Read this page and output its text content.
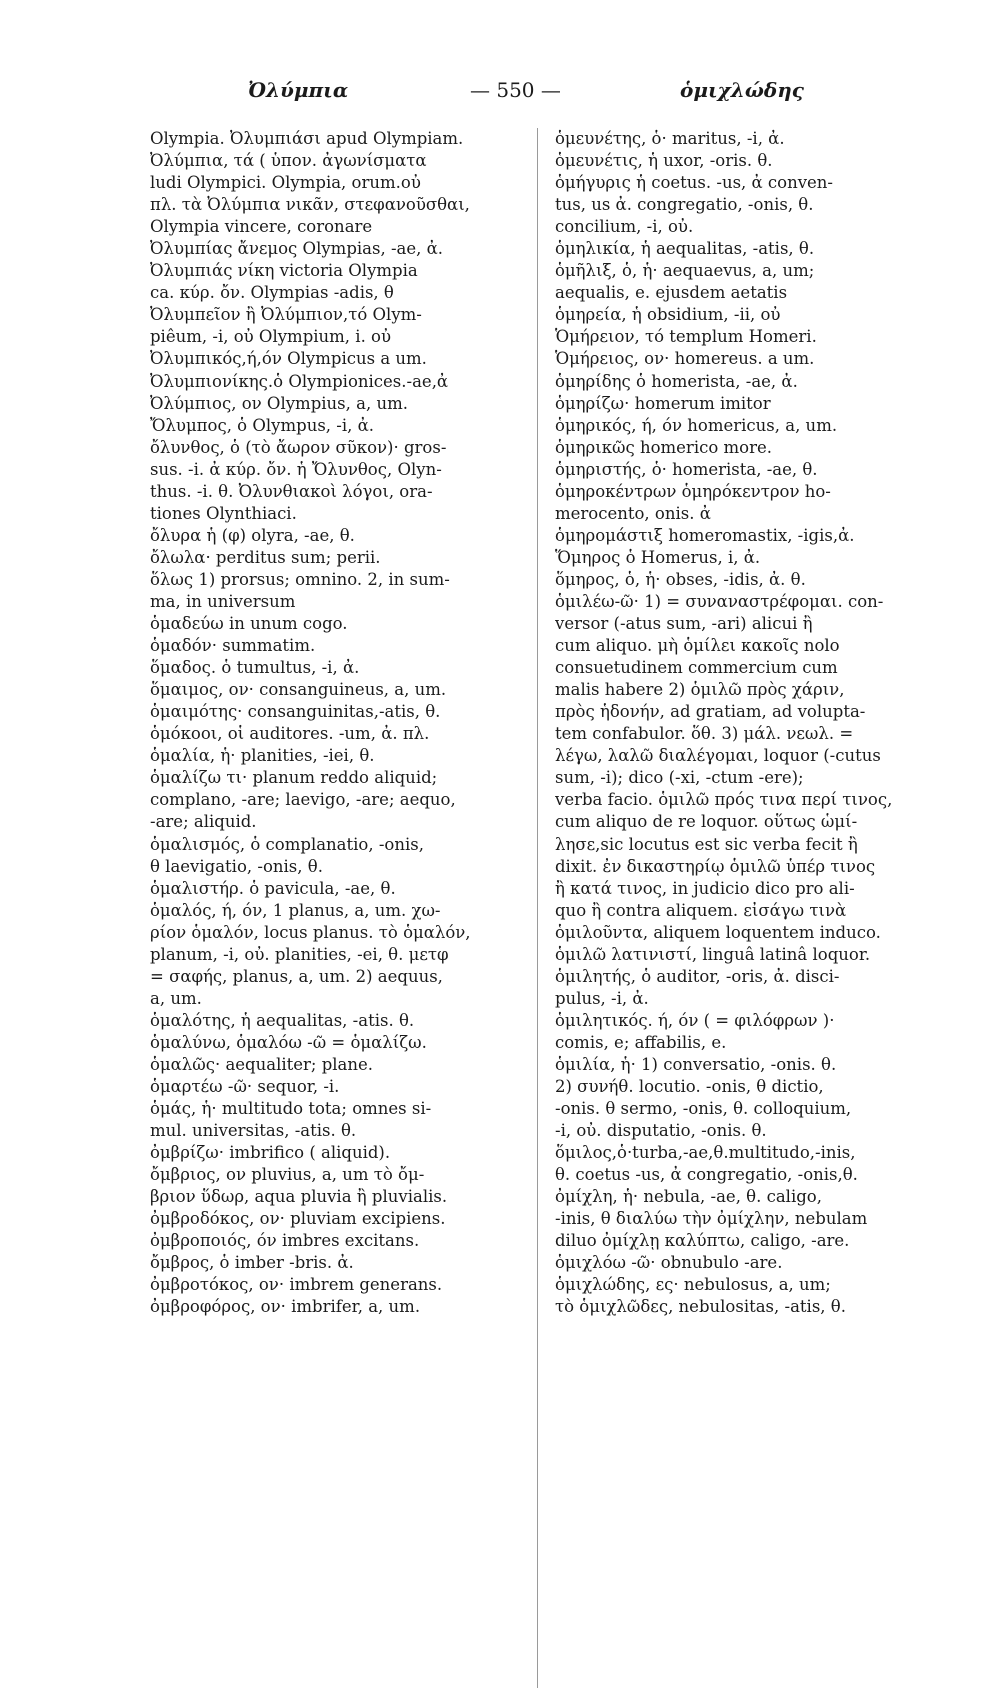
Ὀλύμπια	— 550 —	ὁμιχλώδης
Olympia. Ὀλυμπιάσι apud Olympiam.
Ὀλύμπια, τά ( ὑπον. ἀγωνίσματα
ludi Olympici. Olympia, orum.οὐ
πλ. τὰ Ὀλύμπια νικᾶν, στεφανοῦσθαι,
Olympia vincere, coronare
Ὀλυμπίας ἄνεμος Olympias, -ae, ἀ.
Ὀλυμπιάς νίκη victoria Olympia
ca. κύρ. ὄν. Olympias -adis, θ
Ὀλυμπεῖον ἢ Ὀλύμπιον,τό Olym-
piêum, -i, οὐ Olympium, i. οὐ
Ὀλυμπικός,ή,όν Olympicus a um.
Ὀλυμπιονίκης.ὁ Olympionices.-ae,ἀ
Ὀλύμπιος, ον Olympius, a, um.
Ὄλυμπος, ὁ Olympus, -i, ἀ.
ὄλυνθος, ὁ (τὸ ἄωρον σῦκον)· gros-
sus. -i. ἀ κύρ. ὄν. ἡ Ὄλυνθος, Olyn-
thus. -i. θ. Ὀλυνθιακοὶ λόγοι, ora-
tiones Olynthiaci.
ὄλυρα ἡ (φ) olyra, -ae, θ.
ὄλωλα· perditus sum; perii.
ὅλως 1) prorsus; omnino. 2, in sum-
ma, in universum
ὁμαδεύω in unum cogo.
ὁμαδόν· summatim.
ὅμαδος. ὁ tumultus, -i, ἀ.
ὅμαιμος, ον· consanguineus, a, um.
ὁμαιμότης· consanguinitas,-atis, θ.
ὁμόκοοι, οἱ auditores. -um, ἀ. πλ.
ὁμαλία, ἡ· planities, -iei, θ.
ὁμαλίζω τι· planum reddo aliquid;
complano, -are; laevigo, -are; aequo,
-are; aliquid.
ὁμαλισμός, ὁ complanatio, -onis,
θ laevigatio, -onis, θ.
ὁμαλιστήρ. ὁ pavicula, -ae, θ.
ὁμαλός, ή, όν, 1 planus, a, um. χω-
ρίον ὁμαλόν, locus planus. τὸ ὁμαλόν,
planum, -i, οὐ. planities, -ei, θ. μετφ
= σαφής, planus, a, um. 2) aequus,
a, um.
ὁμαλότης, ἡ aequalitas, -atis. θ.
ὁμαλύνω, ὁμαλόω -ῶ = ὁμαλίζω.
ὁμαλῶς· aequaliter; plane.
ὁμαρτέω -ῶ· sequor, -i.
ὁμάς, ἡ· multitudo tota; omnes si-
mul. universitas, -atis. θ.
ὀμβρίζω· imbrifico ( aliquid).
ὄμβριος, ον pluvius, a, um τὸ ὄμ-
βριον ὕδωρ, aqua pluvia ἢ pluvialis.
ὀμβροδόκος, ον· pluviam excipiens.
ὀμβροποιός, όν imbres excitans.
ὄμβρος, ὁ imber -bris. ἀ.
ὀμβροτόκος, ον· imbrem generans.
ὀμβροφόρος, ον· imbrifer, a, um.
ὁμευνέτης, ὁ· maritus, -i, ἀ.
ὁμευνέτις, ἡ uxor, -oris. θ.
ὁμήγυρις ἡ coetus. -us, ἀ conven-
tus, us ἀ. congregatio, -onis, θ.
concilium, -i, οὐ.
ὁμηλικία, ἡ aequalitas, -atis, θ.
ὁμῆλιξ, ὁ, ἡ· aequaevus, a, um;
aequalis, e. ejusdem aetatis
ὁμηρεία, ἡ obsidium, -ii, οὐ
Ὁμήρειον, τό templum Homeri.
Ὁμήρειος, ον· homereus. a um.
ὁμηρίδης ὁ homerista, -ae, ἀ.
ὁμηρίζω· homerum imitor
ὁμηρικός, ή, όν homericus, a, um.
ὁμηρικῶς homerico more.
ὁμηριστής, ὁ· homerista, -ae, θ.
ὁμηροκέντρων ὁμηρόκεντρον ho-
merocento, onis. ἀ
ὁμηρομάστιξ homeromastix, -igis,ἀ.
Ὅμηρος ὁ Homerus, i, ἀ.
ὅμηρος, ὁ, ἡ· obses, -idis, ἀ. θ.
ὁμιλέω-ῶ· 1) = συναναστρέφομαι. con-
versor (-atus sum, -ari) alicui ἢ
cum aliquo. μὴ ὁμίλει κακοῖς nolo
consuetudinem commercium cum
malis habere 2) ὁμιλῶ πρὸς χάριν,
πρὸς ἡδονήν, ad gratiam, ad volupta-
tem confabulor. ὅθ. 3) μάλ. νεωλ. =
λέγω, λαλῶ διαλέγομαι, loquor (-cutus
sum, -i); dico (-xi, -ctum -ere);
verba facio. ὁμιλῶ πρός τινα περί τινος,
cum aliquo de re loquor. οὕτως ὡμί-
λησε,sic locutus est sic verba fecit ἢ
dixit. ἐν δικαστηρίῳ ὁμιλῶ ὑπέρ τινος
ἢ κατά τινος, in judicio dico pro ali-
quo ἢ contra aliquem. εἰσάγω τινὰ
ὁμιλοῦντα, aliquem loquentem induco.
ὁμιλῶ λατινιστί, linguâ latinâ loquor.
ὁμιλητής, ὁ auditor, -oris, ἀ. disci-
pulus, -i, ἀ.
ὁμιλητικός. ή, όν ( = φιλόφρων )·
comis, e; affabilis, e.
ὁμιλία, ἡ· 1) conversatio, -onis. θ.
2) συνήθ. locutio. -onis, θ dictio,
-onis. θ sermo, -onis, θ. colloquium,
-i, οὐ. disputatio, -onis. θ.
ὅμιλος,ὁ·turba,-ae,θ.multitudo,-inis,
θ. coetus -us, ἀ congregatio, -onis,θ.
ὀμίχλη, ἡ· nebula, -ae, θ. caligo,
-inis, θ διαλύω τὴν ὀμίχλην, nebulam
diluo ὀμίχλῃ καλύπτω, caligo, -are.
ὁμιχλόω -ῶ· obnubulo -are.
ὁμιχλώδης, ες· nebulosus, a, um;
τὸ ὁμιχλῶδες, nebulositas, -atis, θ.
